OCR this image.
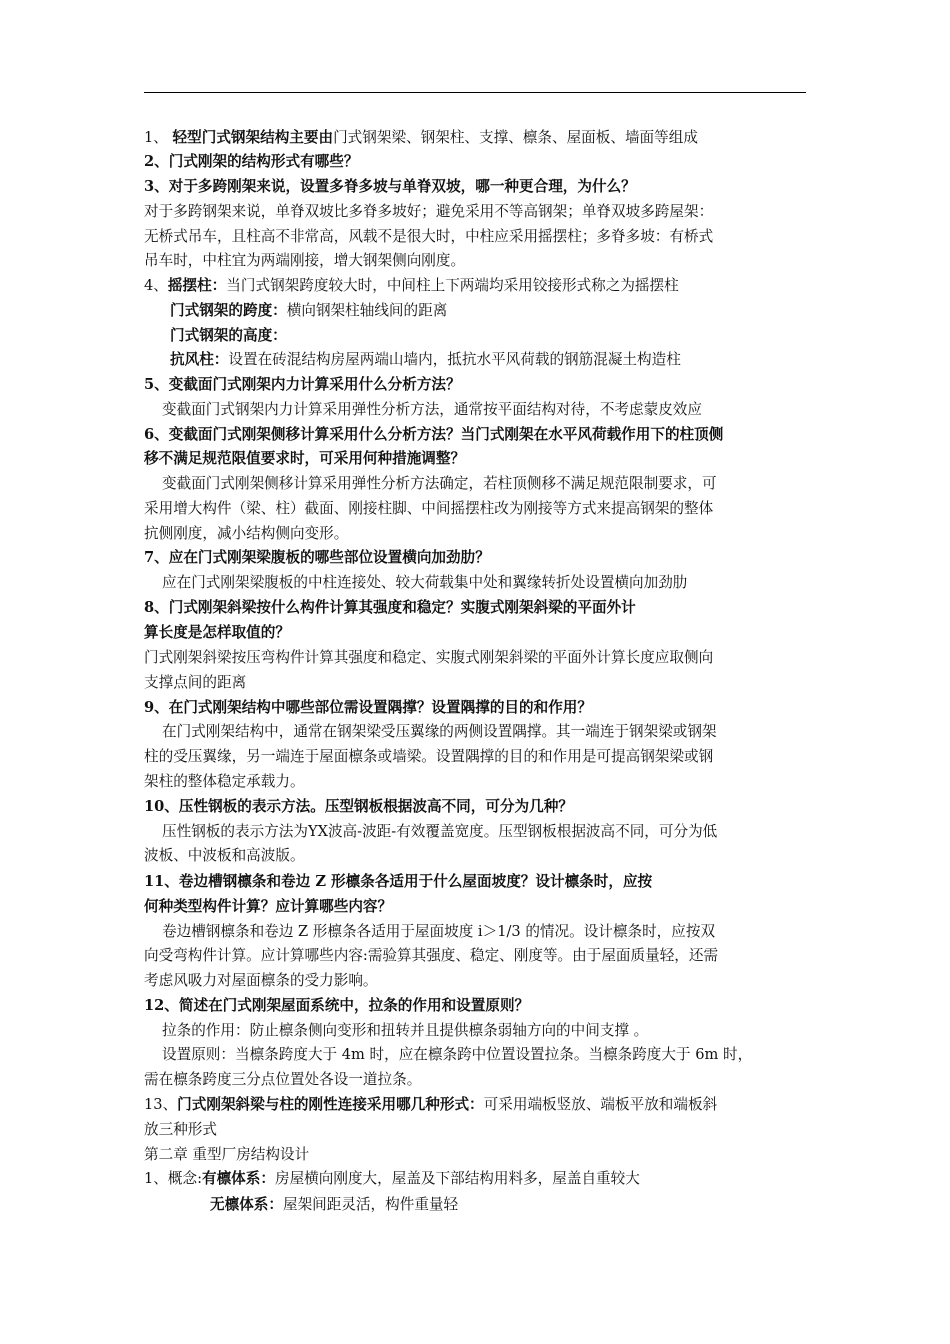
1、 轻型门式钢架结构主要由门式钢架梁、钢架柱、支撑、檩条、屋面板、墙面等组成
2、门式刚架的结构形式有哪些？
3、对于多跨刚架来说，设置多脊多坡与单脊双坡，哪一种更合理，为什么？
对于多跨钢架来说，单脊双坡比多脊多坡好；避免采用不等高钢架；单脊双坡多跨屋架：
无桥式吊车，且柱高不非常高，风载不是很大时，中柱应采用摇摆柱；多脊多坡：有桥式
吊车时，中柱宜为两端刚接，增大钢架侧向刚度。
4、摇摆柱：当门式钢架跨度较大时，中间柱上下两端均采用铰接形式称之为摇摆柱
门式钢架的跨度：横向钢架柱轴线间的距离
门式钢架的高度：
抗风柱：设置在砖混结构房屋两端山墙内，抵抗水平风荷载的钢筋混凝土构造柱
5、变截面门式刚架内力计算采用什么分析方法？
变截面门式钢架内力计算采用弹性分析方法，通常按平面结构对待，不考虑蒙皮效应
6、变截面门式刚架侧移计算采用什么分析方法？当门式刚架在水平风荷载作用下的柱顶侧
移不满足规范限值要求时，可采用何种措施调整？
变截面门式刚架侧移计算采用弹性分析方法确定，若柱顶侧移不满足规范限制要求，可
采用增大构件（梁、柱）截面、刚接柱脚、中间摇摆柱改为刚接等方式来提高钢架的整体
抗侧刚度，减小结构侧向变形。
7、应在门式刚架梁腹板的哪些部位设置横向加劲肋？
应在门式刚架梁腹板的中柱连接处、较大荷载集中处和翼缘转折处设置横向加劲肋
8、门式刚架斜梁按什么构件计算其强度和稳定？实腹式刚架斜梁的平面外计
算长度是怎样取值的？
门式刚架斜梁按压弯构件计算其强度和稳定、实腹式刚架斜梁的平面外计算长度应取侧向
支撑点间的距离
9、在门式刚架结构中哪些部位需设置隅撑？设置隅撑的目的和作用？
在门式刚架结构中，通常在钢架梁受压翼缘的两侧设置隅撑。其一端连于钢架梁或钢架
柱的受压翼缘，另一端连于屋面檩条或墙梁。设置隅撑的目的和作用是可提高钢架梁或钢
架柱的整体稳定承载力。
10、压性钢板的表示方法。压型钢板根据波高不同，可分为几种？
压性钢板的表示方法为YX波高-波距-有效覆盖宽度。压型钢板根据波高不同，可分为低
波板、中波板和高波版。
11、卷边槽钢檩条和卷边 Z 形檩条各适用于什么屋面坡度？设计檩条时，应按
何种类型构件计算？应计算哪些内容？
卷边槽钢檩条和卷边 Z 形檩条各适用于屋面坡度 i＞1/3 的情况。设计檩条时，应按双
向受弯构件计算。应计算哪些内容:需验算其强度、稳定、刚度等。由于屋面质量轻，还需
考虑风吸力对屋面檩条的受力影响。
12、简述在门式刚架屋面系统中，拉条的作用和设置原则？
拉条的作用：防止檩条侧向变形和扭转并且提供檩条弱轴方向的中间支撑 。
设置原则：当檩条跨度大于 4m 时，应在檩条跨中位置设置拉条。当檩条跨度大于 6m 时，
需在檩条跨度三分点位置处各设一道拉条。
13、门式刚架斜梁与柱的刚性连接采用哪几种形式：可采用端板竖放、端板平放和端板斜
放三种形式
第二章 重型厂房结构设计
1、概念:有檩体系：房屋横向刚度大，屋盖及下部结构用料多，屋盖自重较大
无檩体系：屋架间距灵活，构件重量轻
